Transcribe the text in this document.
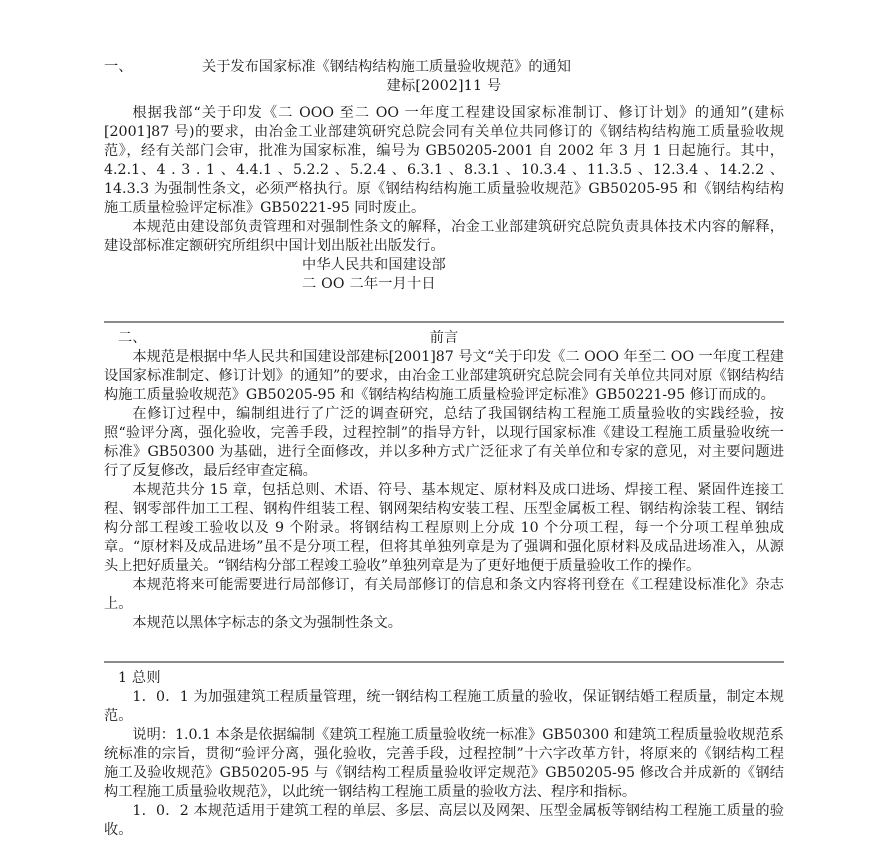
一、	关于发布国家标准《钢结构结构施工质量验收规范》的通知
建标[2002]11 号

根据我部“关于印发《二 OOO 至二 OO 一年度工程建设国家标准制订、修订计划》的通知”(建标[2001]87 号)的要求，由冶金工业部建筑研究总院会同有关单位共同修订的《钢结构结构施工质量验收规范》，经有关部门会审，批准为国家标准，编号为 GB50205-2001 自 2002 年 3 月 1 日起施行。其中，4.2.1、4 . 3 . 1 、4.4.1 、5.2.2 、5.2.4 、6.3.1 、8.3.1 、10.3.4 、11.3.5 、12.3.4 、14.2.2 、14.3.3 为强制性条文，必须严格执行。原《钢结构结构施工质量验收规范》GB50205-95 和《钢结构结构施工质量检验评定标准》GB50221-95 同时废止。

本规范由建设部负责管理和对强制性条文的解释，冶金工业部建筑研究总院负责具体技术内容的解释，建设部标准定额研究所组织中国计划出版社出版发行。

中华人民共和国建设部
二 OO 二年一月十日
二、	前言

本规范是根据中华人民共和国建设部建标[2001]87 号文“关于印发《二 OOO 年至二 OO 一年度工程建设国家标准制定、修订计划》的通知”的要求，由冶金工业部建筑研究总院会同有关单位共同对原《钢结构结构施工质量验收规范》GB50205-95 和《钢结构结构施工质量检验评定标准》GB50221-95 修订而成的。

在修订过程中，编制组进行了广泛的调查研究，总结了我国钢结构工程施工质量验收的实践经验，按照“验评分离，强化验收，完善手段，过程控制”的指导方针，以现行国家标准《建设工程施工质量验收统一标准》GB50300 为基础，进行全面修改，并以多种方式广泛征求了有关单位和专家的意见，对主要问题进行了反复修改，最后经审查定稿。

本规范共分 15 章，包括总则、术语、符号、基本规定、原材料及成口进场、焊接工程、紧固件连接工程、钢零部件加工工程、钢构件组装工程、钢网架结构安装工程、压型金属板工程、钢结构涂装工程、钢结构分部工程竣工验收以及 9 个附录。将钢结构工程原则上分成 10 个分项工程，每一个分项工程单独成章。“原材料及成品进场”虽不是分项工程，但将其单独列章是为了强调和强化原材料及成品进场准入，从源头上把好质量关。“钢结构分部工程竣工验收”单独列章是为了更好地便于质量验收工作的操作。

本规范将来可能需要进行局部修订，有关局部修订的信息和条文内容将刊登在《工程建设标准化》杂志上。

本规范以黑体字标志的条文为强制性条文。

1 总则

1．0．1 为加强建筑工程质量管理，统一钢结构工程施工质量的验收，保证钢结婚工程质量，制定本规范。

说明：1.0.1 本条是依据编制《建筑工程施工质量验收统一标准》GB50300 和建筑工程质量验收规范系统标准的宗旨，贯彻“验评分离，强化验收，完善手段，过程控制”十六字改革方针，将原来的《钢结构工程施工及验收规范》GB50205-95 与《钢结构工程质量验收评定规范》GB50205-95 修改合并成新的《钢结构工程施工质量验收规范》，以此统一钢结构工程施工质量的验收方法、程序和指标。

1．0．2 本规范适用于建筑工程的单层、多层、高层以及网架、压型金属板等钢结构工程施工质量的验收。
